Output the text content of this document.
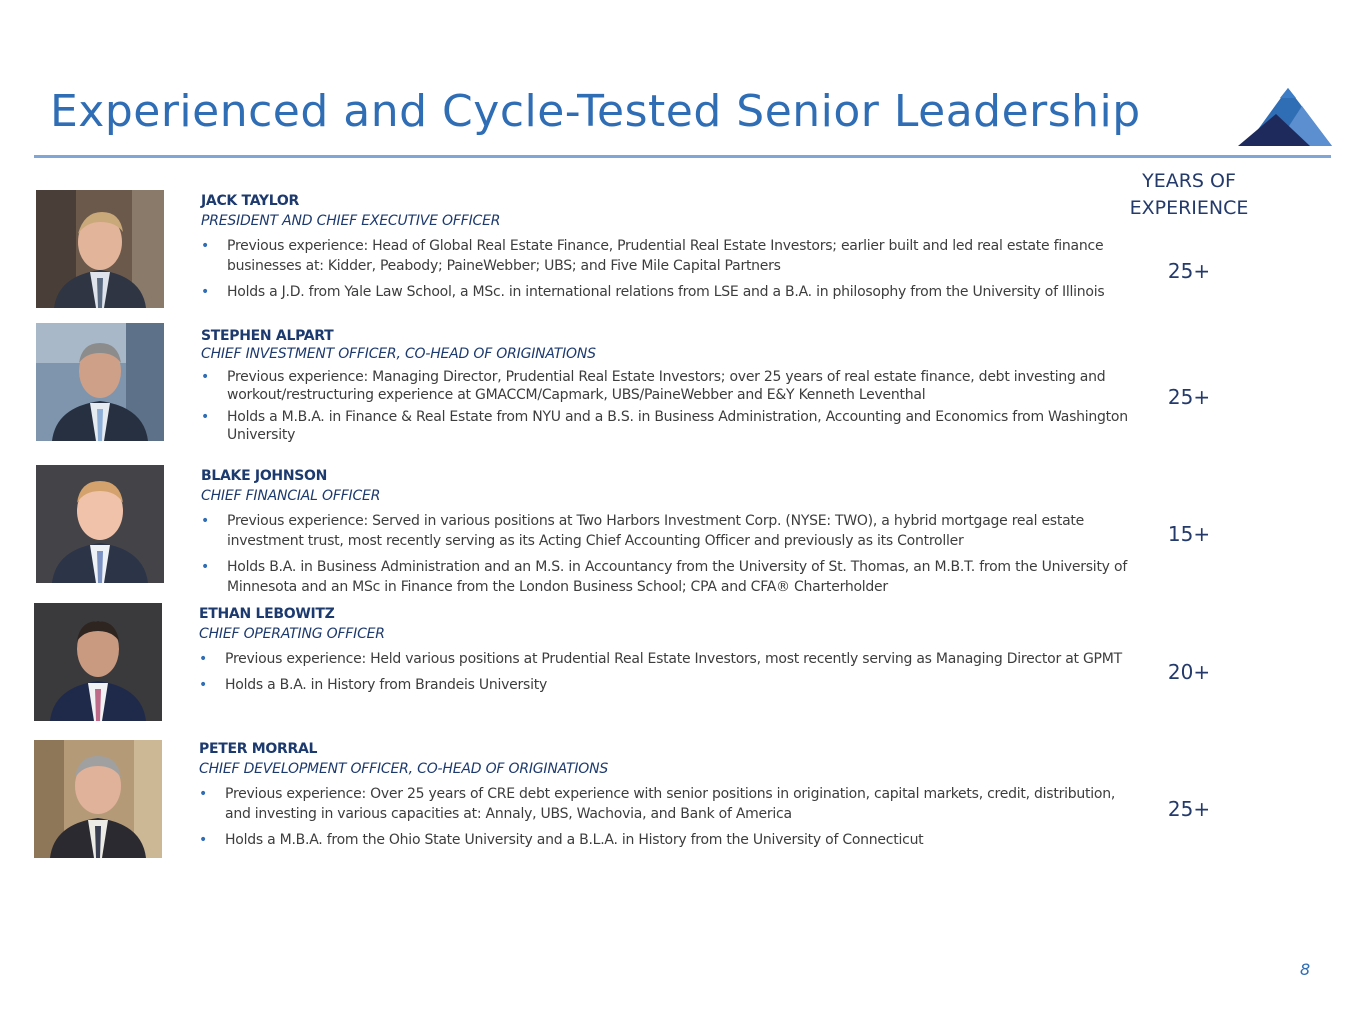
Experienced and Cycle-Tested Senior Leadership
YEARS OF
EXPERIENCE
JACK TAYLOR
PRESIDENT AND CHIEF EXECUTIVE OFFICER
• Previous experience: Head of Global Real Estate Finance, Prudential Real Estate Investors; earlier built and led real estate finance businesses at: Kidder, Peabody; PaineWebber; UBS; and Five Mile Capital Partners
• Holds a J.D. from Yale Law School, a MSc. in international relations from LSE and a B.A. in philosophy from the University of Illinois
25+
STEPHEN ALPART
CHIEF INVESTMENT OFFICER, CO-HEAD OF ORIGINATIONS
• Previous experience: Managing Director, Prudential Real Estate Investors; over 25 years of real estate finance, debt investing and workout/restructuring experience at GMACCM/Capmark, UBS/PaineWebber and E&Y Kenneth Leventhal
• Holds a M.B.A. in Finance & Real Estate from NYU and a B.S. in Business Administration, Accounting and Economics from Washington University
25+
BLAKE JOHNSON
CHIEF FINANCIAL OFFICER
• Previous experience: Served in various positions at Two Harbors Investment Corp. (NYSE: TWO), a hybrid mortgage real estate investment trust, most recently serving as its Acting Chief Accounting Officer and previously as its Controller
• Holds B.A. in Business Administration and an M.S. in Accountancy from the University of St. Thomas, an M.B.T. from the University of Minnesota and an MSc in Finance from the London Business School; CPA and CFA® Charterholder
15+
ETHAN LEBOWITZ
CHIEF OPERATING OFFICER
• Previous experience: Held various positions at Prudential Real Estate Investors, most recently serving as Managing Director at GPMT
• Holds a B.A. in History from Brandeis University
20+
PETER MORRAL
CHIEF DEVELOPMENT OFFICER, CO-HEAD OF ORIGINATIONS
• Previous experience: Over 25 years of CRE debt experience with senior positions in origination, capital markets, credit, distribution, and investing in various capacities at: Annaly, UBS, Wachovia, and Bank of America
• Holds a M.B.A. from the Ohio State University and a B.L.A. in History from the University of Connecticut
25+
8
